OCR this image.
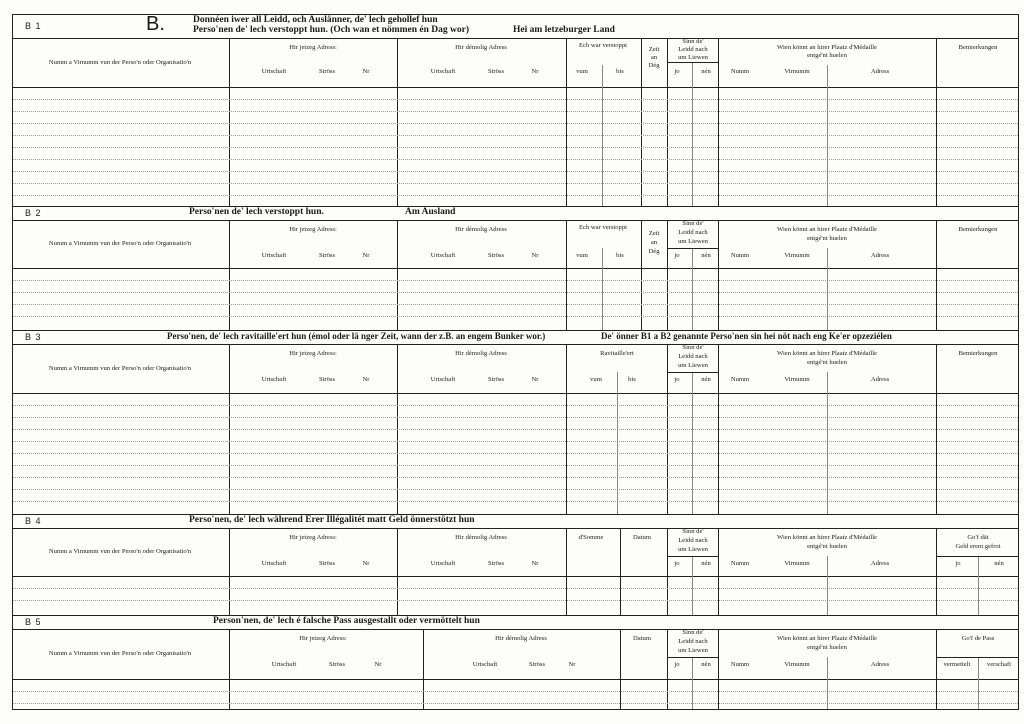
B 1	B.	Donnéen iwer all Leidd, och Auslänner, de' lech gehollef hun
Perso'nen de' lech verstoppt hun. (Och wan et nömmen én Dag wor)	Hei am letzeburger Land
B 2	Perso'nen de' lech verstoppt hun.	Am Ausland
B 3	Perso'nen, de' lech ravitaille'ert hun (émol oder lä nger Zeit, wann der z.B. an engem Bunker wor.)	De' önner B1 a B2 genannte Perso'nen sin hei nöt nach eng Ke'er opzeziélen
B 4	Perso'nen, de' lech während Erer Illégalitét matt Geld önnerstötzt hun
B 5	Person'nen, de' lech é falsche Pass ausgestallt oder vermöttelt hun
Numm a Virnumm vun der Perso'n oder Organisatio'n
Hir jetzeg Adress:	Hir démolig Adress	Ech war verstoppt
Urtschaft	Ströss	Nr	Urtschaft	Ströss	Nr	vum	bis
Zeit
an
Dég
Sinn de'
Leidd nach
um Liewen
jo	nén
Wien könnt an hirer Plaatz d'Médaille
entgé'nt huelen
Numm	Virnumm	Adress
Bemierkungen
Numm a Virnumm vun der Perso'n oder Organisatio'n
Hir jetzeg Adress:	Hir démolig Adress	Ech war verstoppt
Urtschaft	Ströss	Nr	Urtschaft	Ströss	Nr	vum	bis
Zeit
an
Dég
Sinn de'
Leidd nach
um Liewen
jo	nén
Wien könnt an hirer Plaatz d'Médaille
entgé'nt huelen
Numm	Virnumm	Adress
Bemierkungen
Numm a Virnumm vun der Perso'n oder Organisatio'n
Hir jetzeg Adress:	Hir démolig Adress	Ravitaille'ert
Urtschaft	Ströss	Nr	Urtschaft	Ströss	Nr	vum	bis
Sinn de'
Leidd nach
um Liewen
jo	nén
Wien könnt an hirer Plaatz d'Médaille
entgé'nt huelen
Numm	Virnumm	Adress
Bemierkungen
Numm a Virnumm vun der Perso'n oder Organisatio'n
Hir jetzeg Adress:	Hir démolig Adress	d'Somme	Datum
Urtschaft	Ströss	Nr	Urtschaft	Ströss	Nr
Sinn de'
Leidd nach
um Liewen
jo	nén
Wien könnt an hirer Plaatz d'Médaille
entgé'nt huelen
Numm	Virnumm	Adress
Go'f dät
Geld erem gefrot
jo	nén
Numm a Virnumm vun der Perso'n oder Organisatio'n
Hir jetzeg Adress:	Hir démolig Adress	Datum
Urtschaft	Ströss	Nr	Urtschaft	Ströss	Nr
Sinn de'
Leidd nach
um Liewen
jo	nén
Wien könnt an hirer Plaatz d'Médaille
entgé'nt huelen
Numm	Virnumm	Adress
Go'f de Pass
vermettelt	verschaft
